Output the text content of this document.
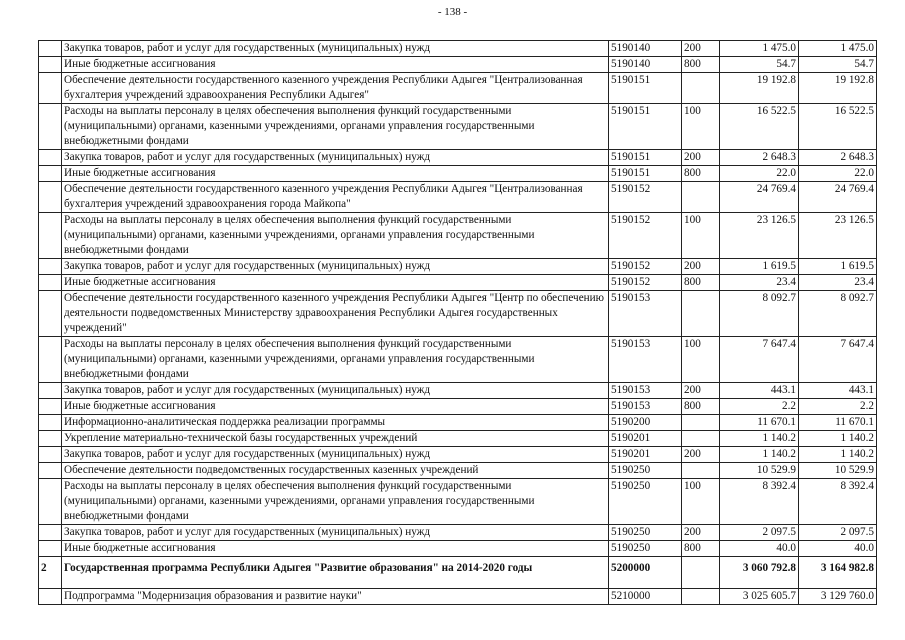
- 138 -
	Закупка товаров, работ и услуг для государственных (муниципальных) нужд	5190140	200	1 475.0	1 475.0
	Иные бюджетные ассигнования	5190140	800	54.7	54.7
	Обеспечение деятельности государственного казенного учреждения Республики Адыгея "Централизованная бухгалтерия учреждений здравоохранения Республики Адыгея"	5190151		19 192.8	19 192.8
	Расходы на выплаты персоналу в целях обеспечения выполнения функций государственными (муниципальными) органами, казенными учреждениями, органами управления государственными внебюджетными фондами	5190151	100	16 522.5	16 522.5
	Закупка товаров, работ и услуг для государственных (муниципальных) нужд	5190151	200	2 648.3	2 648.3
	Иные бюджетные ассигнования	5190151	800	22.0	22.0
	Обеспечение деятельности государственного казенного учреждения Республики Адыгея "Централизованная бухгалтерия учреждений здравоохранения города Майкопа"	5190152		24 769.4	24 769.4
	Расходы на выплаты персоналу в целях обеспечения выполнения функций государственными (муниципальными) органами, казенными учреждениями, органами управления государственными внебюджетными фондами	5190152	100	23 126.5	23 126.5
	Закупка товаров, работ и услуг для государственных (муниципальных) нужд	5190152	200	1 619.5	1 619.5
	Иные бюджетные ассигнования	5190152	800	23.4	23.4
	Обеспечение деятельности государственного казенного учреждения Республики Адыгея "Центр по обеспечению деятельности подведомственных Министерству здравоохранения Республики Адыгея государственных учреждений"	5190153		8 092.7	8 092.7
	Расходы на выплаты персоналу в целях обеспечения выполнения функций государственными (муниципальными) органами, казенными учреждениями, органами управления государственными внебюджетными фондами	5190153	100	7 647.4	7 647.4
	Закупка товаров, работ и услуг для государственных (муниципальных) нужд	5190153	200	443.1	443.1
	Иные бюджетные ассигнования	5190153	800	2.2	2.2
	Информационно-аналитическая поддержка реализации программы	5190200		11 670.1	11 670.1
	Укрепление материально-технической базы государственных учреждений	5190201		1 140.2	1 140.2
	Закупка товаров, работ и услуг для государственных (муниципальных) нужд	5190201	200	1 140.2	1 140.2
	Обеспечение деятельности подведомственных государственных казенных учреждений	5190250		10 529.9	10 529.9
	Расходы на выплаты персоналу в целях обеспечения выполнения функций государственными (муниципальными) органами, казенными учреждениями, органами управления государственными внебюджетными фондами	5190250	100	8 392.4	8 392.4
	Закупка товаров, работ и услуг для государственных (муниципальных) нужд	5190250	200	2 097.5	2 097.5
	Иные бюджетные ассигнования	5190250	800	40.0	40.0
2	Государственная программа Республики Адыгея "Развитие образования" на 2014-2020 годы	5200000		3 060 792.8	3 164 982.8
	Подпрограмма "Модернизация образования и развитие науки"	5210000		3 025 605.7	3 129 760.0
